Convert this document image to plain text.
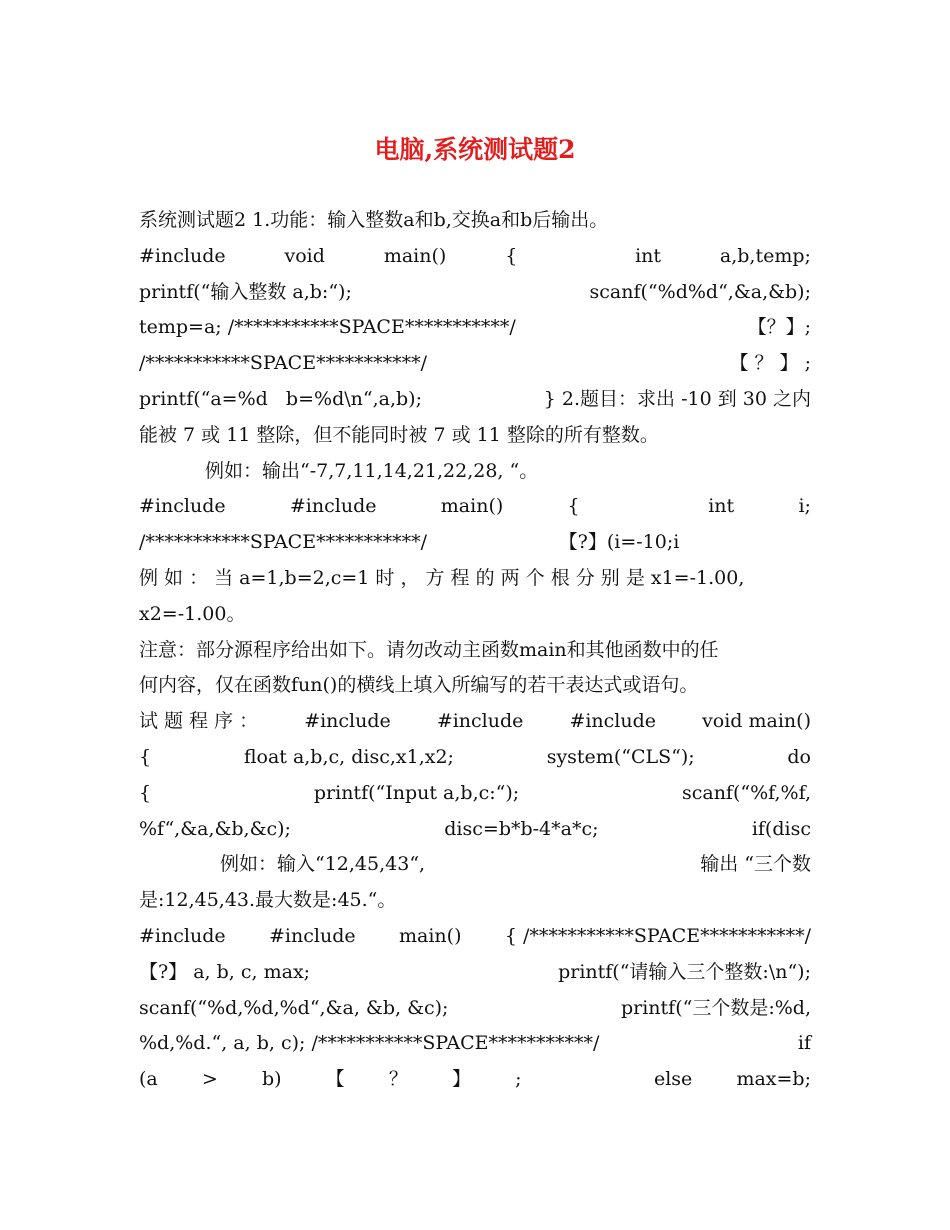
电脑,系统测试题2
系统测试题2 1.功能：输入整数a和b,交换a和b后输出。
#include	void	main()	{	int	a,b,temp;
printf(“输入整数 a,b:“);	scanf(“%d%d“,&a,&b);
temp=a; /***********SPACE***********/	【？】;
/***********SPACE***********/	【 ？ 】 ;
printf(“a=%d   b=%d\n“,a,b);	} 2.题目：求出 -10 到 30 之内
能被 7 或 11 整除，但不能同时被 7 或 11 整除的所有整数。
例如：输出“-7,7,11,14,21,22,28, “。
#include	#include	main()	{	int	i;
/***********SPACE***********/	【?】(i=-10;i
例 如 ： 当 a=1,b=2,c=1 时 ， 方 程 的 两 个 根 分 别 是 x1=-1.00,
x2=-1.00。
注意：部分源程序给出如下。请勿改动主函数main和其他函数中的任
何内容，仅在函数fun()的横线上填入所编写的若干表达式或语句。
试 题 程 序 ： #include #include #include void main()
{	float a,b,c, disc,x1,x2;	system(“CLS“);	do
{	printf(“Input a,b,c:“);	scanf(“%f,%f,
%f“,&a,&b,&c);	disc=b*b-4*a*c;	if(disc
例如：输入“12,45,43“,	输出 “三个数
是:12,45,43.最大数是:45.“。
#include #include main() { /***********SPACE***********/
【?】 a, b, c, max;	printf(“请输入三个整数:\n“);
scanf(“%d,%d,%d“,&a, &b, &c);	printf(“三个数是:%d,
%d,%d.“, a, b, c); /***********SPACE***********/	if
(a > b) 【 ？ 】 ;	else max=b;
